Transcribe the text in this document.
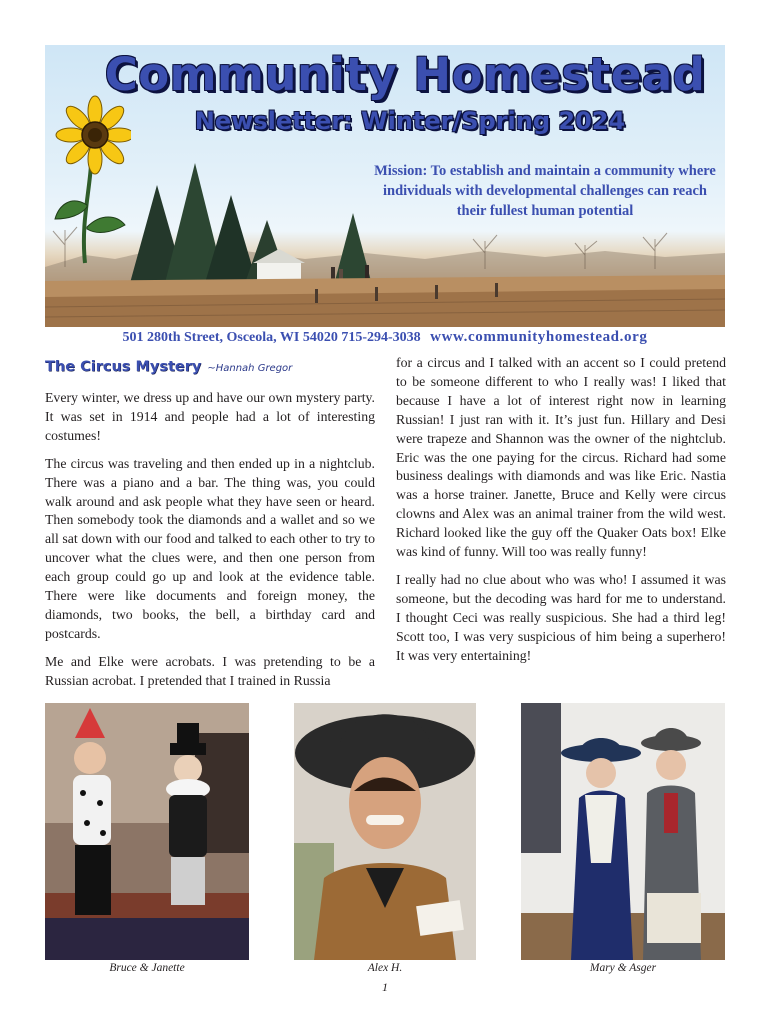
Community Homestead
Newsletter: Winter/Spring 2024
Mission: To establish and maintain a community where individuals with developmental challenges can reach their fullest human potential
501 280th Street, Osceola, WI 54020 715-294-3038 www.communityhomestead.org
The Circus Mystery ~Hannah Gregor

Every winter, we dress up and have our own mystery party. It was set in 1914 and people had a lot of interesting costumes!

The circus was traveling and then ended up in a nightclub. There was a piano and a bar. The thing was, you could walk around and ask people what they have seen or heard. Then somebody took the diamonds and a wallet and so we all sat down with our food and talked to each other to try to uncover what the clues were, and then one person from each group could go up and look at the evidence table. There were like documents and foreign money, the diamonds, two books, the bell, a birthday card and postcards.

Me and Elke were acrobats. I was pretending to be a Russian acrobat. I pretended that I trained in Russia

for a circus and I talked with an accent so I could pretend to be someone different to who I really was! I liked that because I have a lot of interest right now in learning Russian! I just ran with it. It’s just fun. Hillary and Desi were trapeze and Shannon was the owner of the nightclub. Eric was the one paying for the circus. Richard had some business dealings with diamonds and was like Eric. Nastia was a horse trainer. Janette, Bruce and Kelly were circus clowns and Alex was an animal trainer from the wild west. Richard looked like the guy off the Quaker Oats box! Elke was kind of funny. Will too was really funny!

I really had no clue about who was who! I assumed it was someone, but the decoding was hard for me to understand. I thought Ceci was really suspicious. She had a third leg! Scott too, I was very suspicious of him being a superhero! It was very entertaining!

Bruce & Janette	Alex H.	Mary & Asger
1
